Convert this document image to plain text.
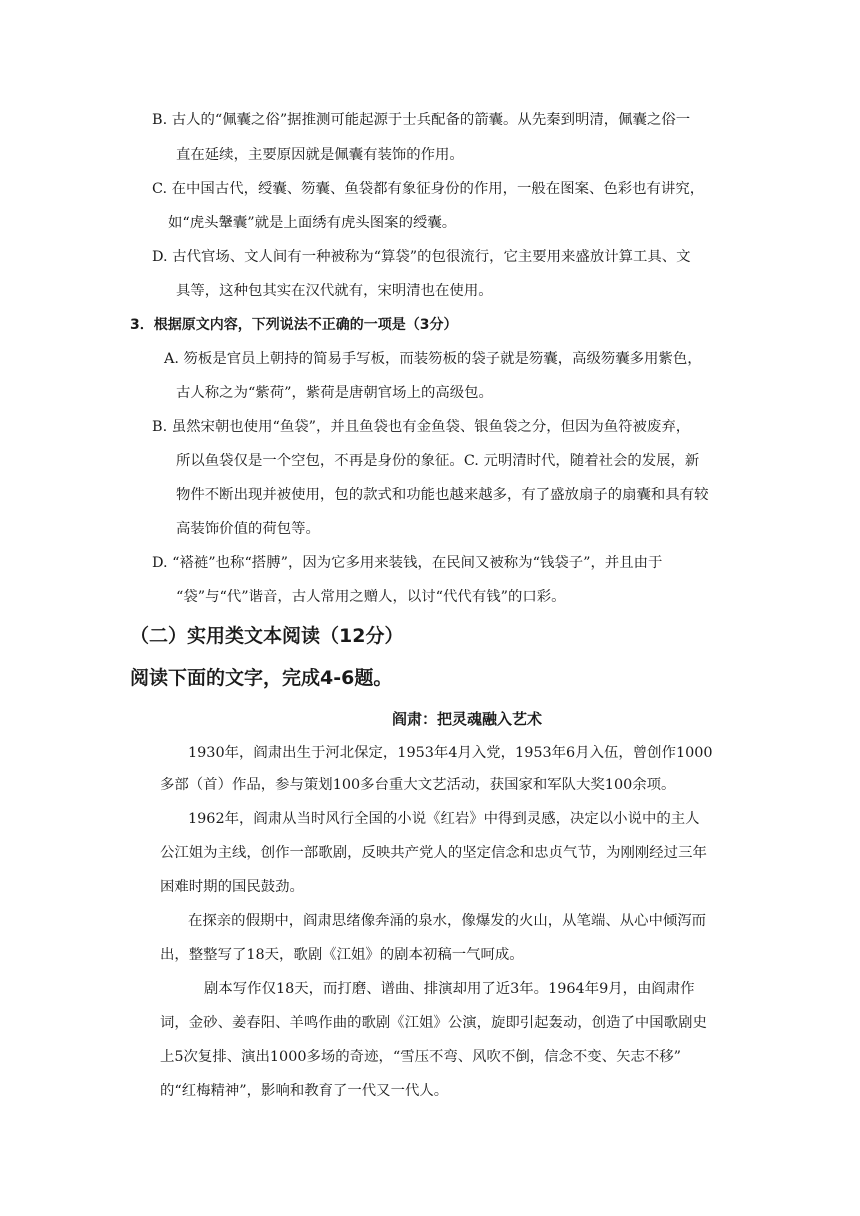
B. 古人的“佩囊之俗”据推测可能起源于士兵配备的箭囊。从先秦到明清，佩囊之俗一
直在延续，主要原因就是佩囊有装饰的作用。
C. 在中国古代，绶囊、笏囊、鱼袋都有象征身份的作用，一般在图案、色彩也有讲究，
如“虎头鞶囊”就是上面绣有虎头图案的绶囊。
D. 古代官场、文人间有一种被称为“算袋”的包很流行，它主要用来盛放计算工具、文
具等，这种包其实在汉代就有，宋明清也在使用。
3．根据原文内容，下列说法不正确的一项是（3分）
A. 笏板是官员上朝持的简易手写板，而装笏板的袋子就是笏囊，高级笏囊多用紫色，
古人称之为“紫荷”，紫荷是唐朝官场上的高级包。
B. 虽然宋朝也使用“鱼袋”，并且鱼袋也有金鱼袋、银鱼袋之分，但因为鱼符被废弃，
所以鱼袋仅是一个空包，不再是身份的象征。C. 元明清时代，随着社会的发展，新
物件不断出现并被使用，包的款式和功能也越来越多，有了盛放扇子的扇囊和具有较
高装饰价值的荷包等。
D. “褡裢”也称“搭膊”，因为它多用来装钱，在民间又被称为“钱袋子”，并且由于
“袋”与“代”谐音，古人常用之赠人，以讨“代代有钱”的口彩。
（二）实用类文本阅读（12分）
阅读下面的文字，完成4-6题。
阎肃：把灵魂融入艺术
1930年，阎肃出生于河北保定，1953年4月入党，1953年6月入伍，曾创作1000
多部（首）作品，参与策划100多台重大文艺活动，获国家和军队大奖100余项。
1962年，阎肃从当时风行全国的小说《红岩》中得到灵感，决定以小说中的主人
公江姐为主线，创作一部歌剧，反映共产党人的坚定信念和忠贞气节，为刚刚经过三年
困难时期的国民鼓劲。
在探亲的假期中，阎肃思绪像奔涌的泉水，像爆发的火山，从笔端、从心中倾泻而
出，整整写了18天，歌剧《江姐》的剧本初稿一气呵成。
剧本写作仅18天，而打磨、谱曲、排演却用了近3年。1964年9月，由阎肃作
词，金砂、姜春阳、羊鸣作曲的歌剧《江姐》公演，旋即引起轰动，创造了中国歌剧史
上5次复排、演出1000多场的奇迹，“雪压不弯、风吹不倒，信念不变、矢志不移”
的“红梅精神”，影响和教育了一代又一代人。
